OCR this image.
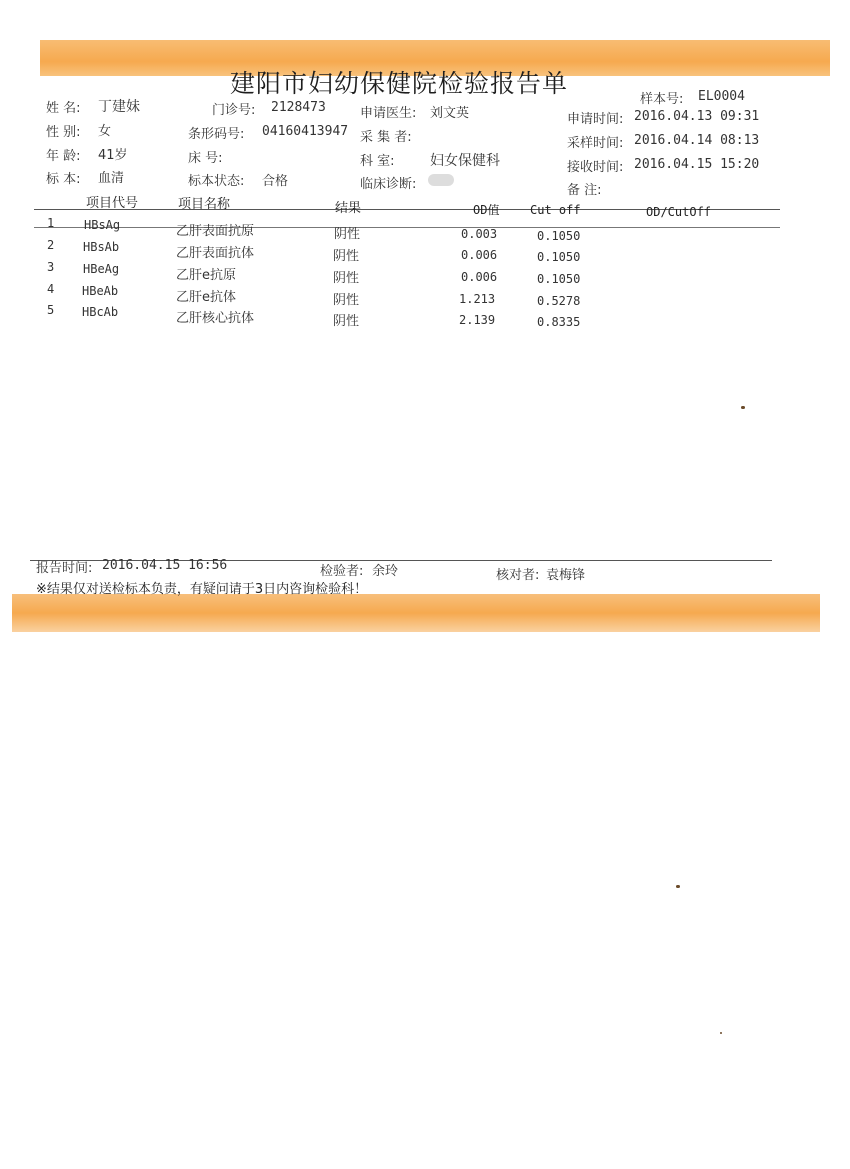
建阳市妇幼保健院检验报告单
样本号: EL0004
姓 名: 丁建妹
性 别: 女
年 龄: 41岁
标 本: 血清
门诊号: 2128473
条形码号: 04160413947
床 号:
标本状态: 合格
申请医生: 刘文英
采 集 者:
科 室:	妇女保健科
临床诊断:
申请时间: 2016.04.13 09:31
采样时间: 2016.04.14 08:13
接收时间: 2016.04.15 15:20
备 注:
项目代号	项目名称	结果	OD值	Cut off	OD/CutOff
1 HBsAg	乙肝表面抗原	阴性	0.003	0.1050
2 HBsAb	乙肝表面抗体	阴性	0.006	0.1050
3 HBeAg	乙肝e抗原	阴性	0.006	0.1050
4 HBeAb	乙肝e抗体	阴性	1.213	0.5278
5 HBcAb	乙肝核心抗体	阴性	2.139	0.8335
报告时间: 2016.04.15 16:56	检验者: 余玲	核对者: 袁梅锋
※结果仅对送检标本负责，有疑问请于3日内咨询检验科！
